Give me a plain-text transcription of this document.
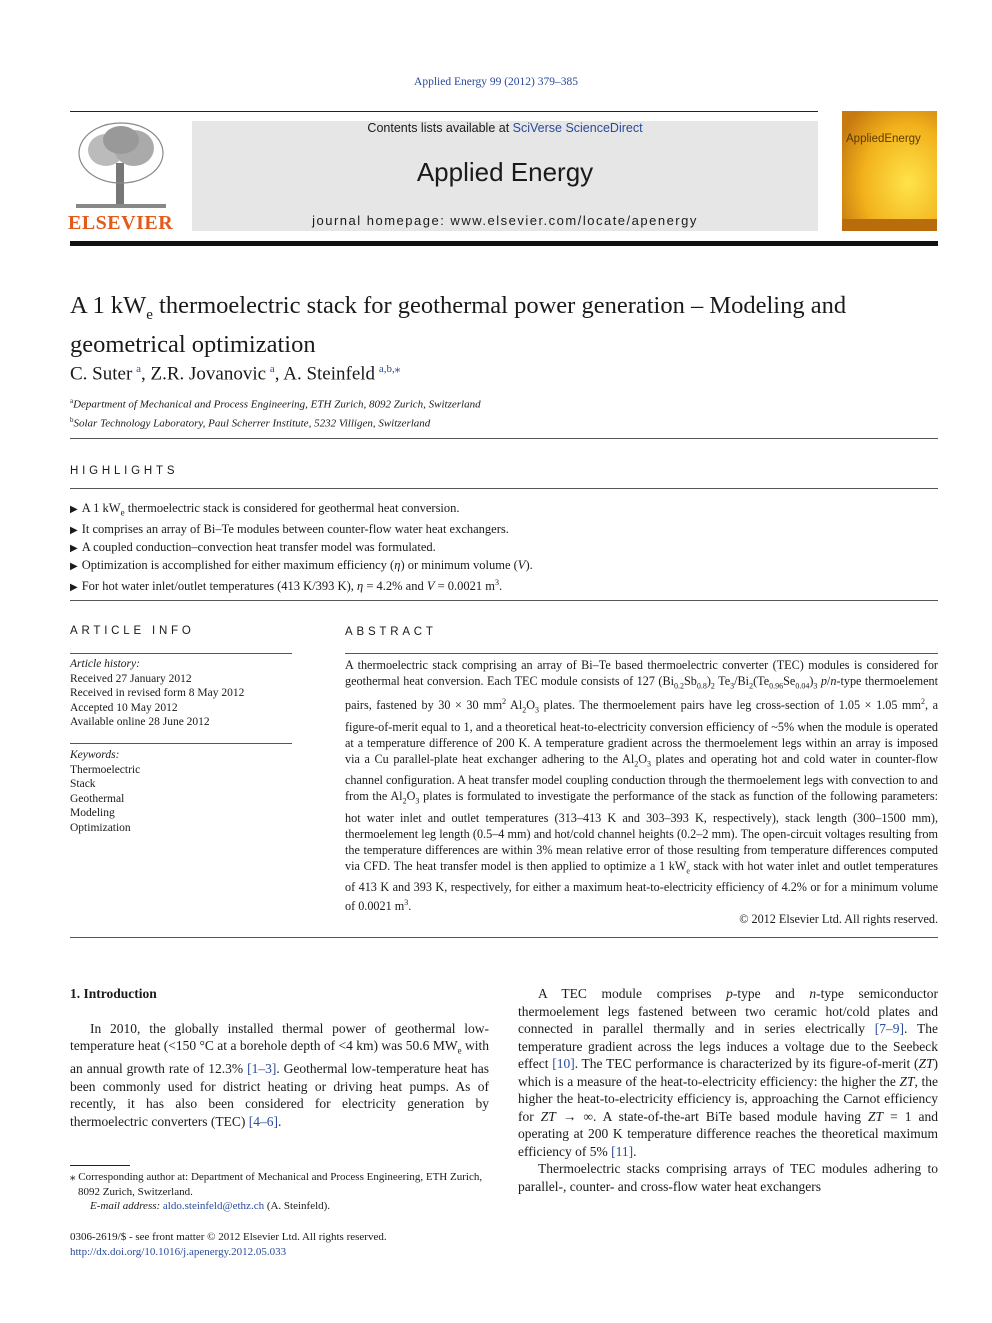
Applied Energy 99 (2012) 379–385
ELSEVIER
Contents lists available at SciVerse ScienceDirect
Applied Energy
journal homepage: www.elsevier.com/locate/apenergy
AppliedEnergy
A 1 $kW_e$ thermoelectric stack for geothermal power generation – Modeling and geometrical optimization
C. Suter  $^a$, Z.R. Jovanovic  $^a$, A. Steinfeld  $^{a,b,⁎}$
$^a$Department of Mechanical and Process Engineering, ETH Zurich, 8092 Zurich, Switzerland
$^b$Solar Technology Laboratory, Paul Scherrer Institute, 5232 Villigen, Switzerland
HIGHLIGHTS
▶ A 1 $kW_e$ thermoelectric stack is considered for geothermal heat conversion.
▶ It comprises an array of Bi–Te modules between counter-flow water heat exchangers.
▶ A coupled conduction–convection heat transfer model was formulated.
▶ Optimization is accomplished for either maximum efficiency (η) or minimum volume (V).
▶ For hot water inlet/outlet temperatures (413 K/393 K), η = 4.2% and V = 0.0021 $m^3$.
ARTICLE INFO
Article history:
Received 27 January 2012
Received in revised form 8 May 2012
Accepted 10 May 2012
Available online 28 June 2012
Keywords:
Thermoelectric
Stack
Geothermal
Modeling
Optimization
ABSTRACT
A thermoelectric stack comprising an array of Bi–Te based thermoelectric converter (TEC) modules is considered for geothermal heat conversion. Each TEC module consists of 127 $(Bi_{0.2}Sb_{0.8})_2$ $Te_3/Bi_2(Te_{0.96}Se_{0.04})_3$ p/n-type thermoelement pairs, fastened by 30 × 30 $mm^2$ $Al_2O_3$ plates. The thermoelement pairs have leg cross-section of 1.05 × 1.05 $mm^2$, a figure-of-merit equal to 1, and a theoretical heat-to-electricity conversion efficiency of ~5% when the module is operated at a temperature difference of 200 K. A temperature gradient across the thermoelement legs within an array is imposed via a Cu parallel-plate heat exchanger adhering to the $Al_2O_3$ plates and operating hot and cold water in counter-flow channel configuration. A heat transfer model coupling conduction through the thermoelement legs with convection to and from the $Al_2O_3$ plates is formulated to investigate the performance of the stack as function of the following parameters: hot water inlet and outlet temperatures (313–413 K and 303–393 K, respectively), stack length (300–1500 mm), thermoelement leg length (0.5–4 mm) and hot/cold channel heights (0.2–2 mm). The open-circuit voltages resulting from the temperature differences are within 3% mean relative error of those resulting from temperature differences computed via CFD. The heat transfer model is then applied to optimize a 1 $kW_e$ stack with hot water inlet and outlet temperatures of 413 K and 393 K, respectively, for either a maximum heat-to-electricity efficiency of 4.2% or for a minimum volume of 0.0021 $m^3$.
© 2012 Elsevier Ltd. All rights reserved.

1. Introduction

In 2010, the globally installed thermal power of geothermal low-temperature heat (<150 °C at a borehole depth of <4 km) was 50.6 $MW_e$ with an annual growth rate of 12.3% [1–3]. Geothermal low-temperature heat has been commonly used for district heating or driving heat pumps. As of recently, it has also been considered for electricity generation by thermoelectric converters (TEC) [4–6].

⁎ Corresponding author at: Department of Mechanical and Process Engineering, ETH Zurich, 8092 Zurich, Switzerland.
E-mail address: aldo.steinfeld@ethz.ch (A. Steinfeld).
0306-2619/$ - see front matter © 2012 Elsevier Ltd. All rights reserved.
http://dx.doi.org/10.1016/j.apenergy.2012.05.033

A TEC module comprises p-type and n-type semiconductor thermoelement legs fastened between two ceramic hot/cold plates and connected in parallel thermally and in series electrically [7–9]. The temperature gradient across the legs induces a voltage due to the Seebeck effect [10]. The TEC performance is characterized by its figure-of-merit (ZT) which is a measure of the heat-to-electricity efficiency: the higher the ZT, the higher the heat-to-electricity efficiency is, approaching the Carnot efficiency for ZT → ∞. A state-of-the-art BiTe based module having ZT = 1 and operating at 200 K temperature difference reaches the theoretical maximum efficiency of 5% [11].

Thermoelectric stacks comprising arrays of TEC modules adhering to parallel-, counter- and cross-flow water heat exchangers
